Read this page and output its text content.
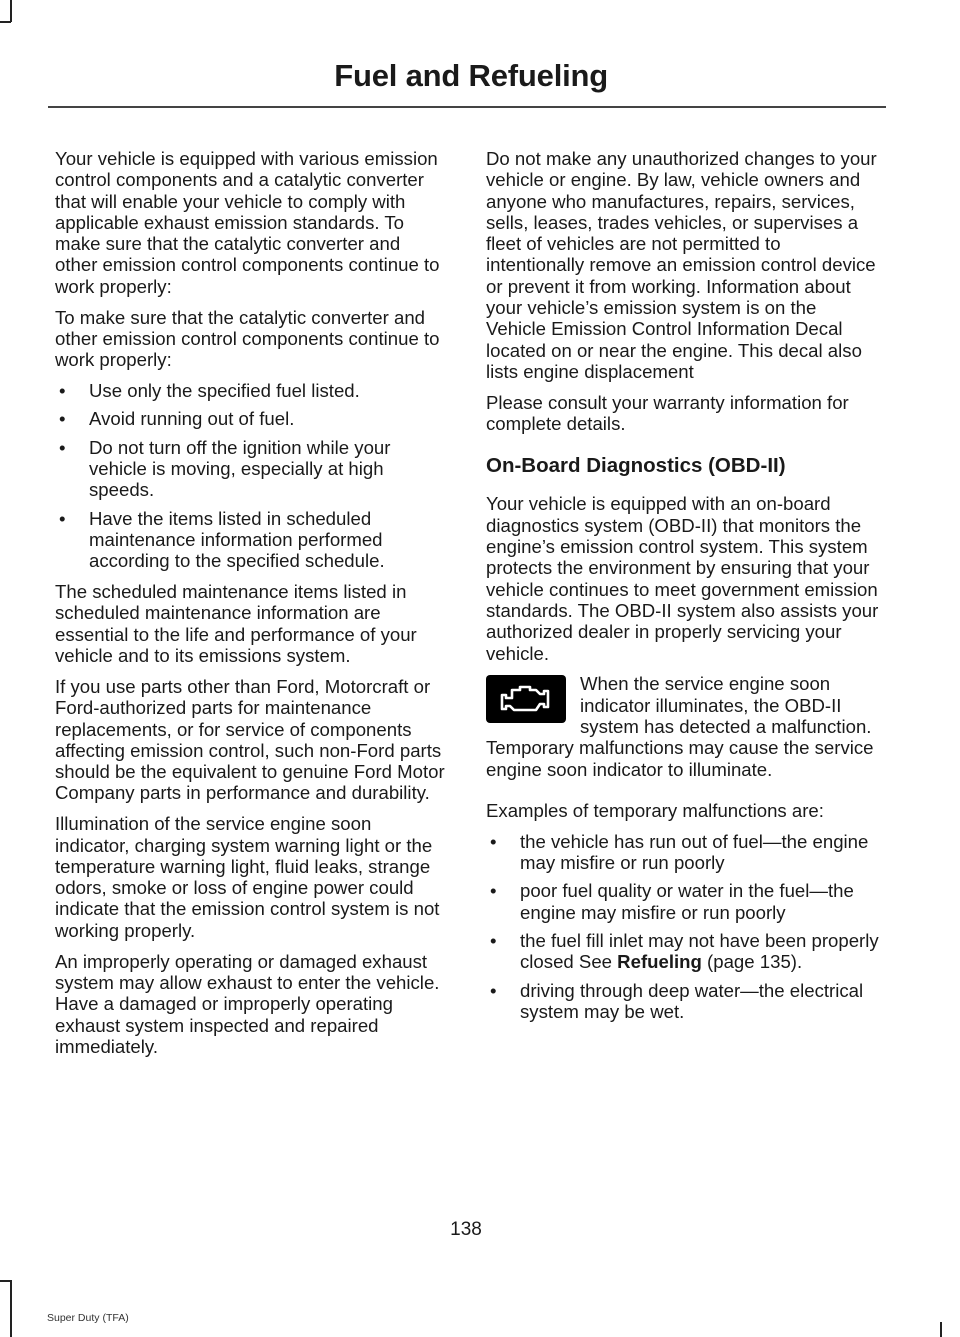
Fuel and Refueling

Your vehicle is equipped with various emission control components and a catalytic converter that will enable your vehicle to comply with applicable exhaust emission standards. To make sure that the catalytic converter and other emission control components continue to work properly:

To make sure that the catalytic converter and other emission control components continue to work properly:

• Use only the specified fuel listed.
• Avoid running out of fuel.
• Do not turn off the ignition while your vehicle is moving, especially at high speeds.
• Have the items listed in scheduled maintenance information performed according to the specified schedule.

The scheduled maintenance items listed in scheduled maintenance information are essential to the life and performance of your vehicle and to its emissions system.

If you use parts other than Ford, Motorcraft or Ford-authorized parts for maintenance replacements, or for service of components affecting emission control, such non-Ford parts should be the equivalent to genuine Ford Motor Company parts in performance and durability.

Illumination of the service engine soon indicator, charging system warning light or the temperature warning light, fluid leaks, strange odors, smoke or loss of engine power could indicate that the emission control system is not working properly.

An improperly operating or damaged exhaust system may allow exhaust to enter the vehicle. Have a damaged or improperly operating exhaust system inspected and repaired immediately.

Do not make any unauthorized changes to your vehicle or engine. By law, vehicle owners and anyone who manufactures, repairs, services, sells, leases, trades vehicles, or supervises a fleet of vehicles are not permitted to intentionally remove an emission control device or prevent it from working. Information about your vehicle’s emission system is on the Vehicle Emission Control Information Decal located on or near the engine. This decal also lists engine displacement

Please consult your warranty information for complete details.

On-Board Diagnostics (OBD-II)

Your vehicle is equipped with an on-board diagnostics system (OBD-II) that monitors the engine’s emission control system. This system protects the environment by ensuring that your vehicle continues to meet government emission standards. The OBD-II system also assists your authorized dealer in properly servicing your vehicle.

When the service engine soon indicator illuminates, the OBD-II system has detected a malfunction. Temporary malfunctions may cause the service engine soon indicator to illuminate.

Examples of temporary malfunctions are:

• the vehicle has run out of fuel—the engine may misfire or run poorly
• poor fuel quality or water in the fuel—the engine may misfire or run poorly
• the fuel fill inlet may not have been properly closed See Refueling (page 135).
• driving through deep water—the electrical system may be wet.
138
Super Duty (TFA)
